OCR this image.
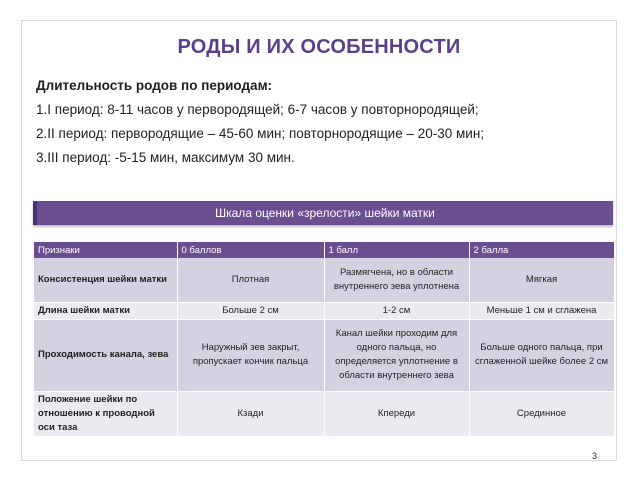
РОДЫ И ИХ ОСОБЕННОСТИ
Длительность родов по периодам:
1.I период: 8-11 часов у первородящей; 6-7 часов у повторнородящей;
2.II период: первородящие – 45-60 мин; повторнородящие – 20-30 мин;
3.III период: -5-15 мин, максимум 30 мин.
Шкала оценки «зрелости» шейки матки
Признаки	0 баллов	1 балл	2 балла
Консистенция шейки матки	Плотная	Размягчена, но в области внутреннего зева уплотнена	Мягкая
Длина шейки матки	Больше 2 см	1-2 см	Меньше 1 см и сглажена
Проходимость канала, зева	Наружный зев закрыт, пропускает кончик пальца	Канал шейки проходим для одного пальца, но определяется уплотнение в области внутреннего зева	Больше одного пальца, при сглаженной шейке более 2 см
Положение шейки по отношению к проводной оси таза	Кзади	Кпереди	Срединное
3
